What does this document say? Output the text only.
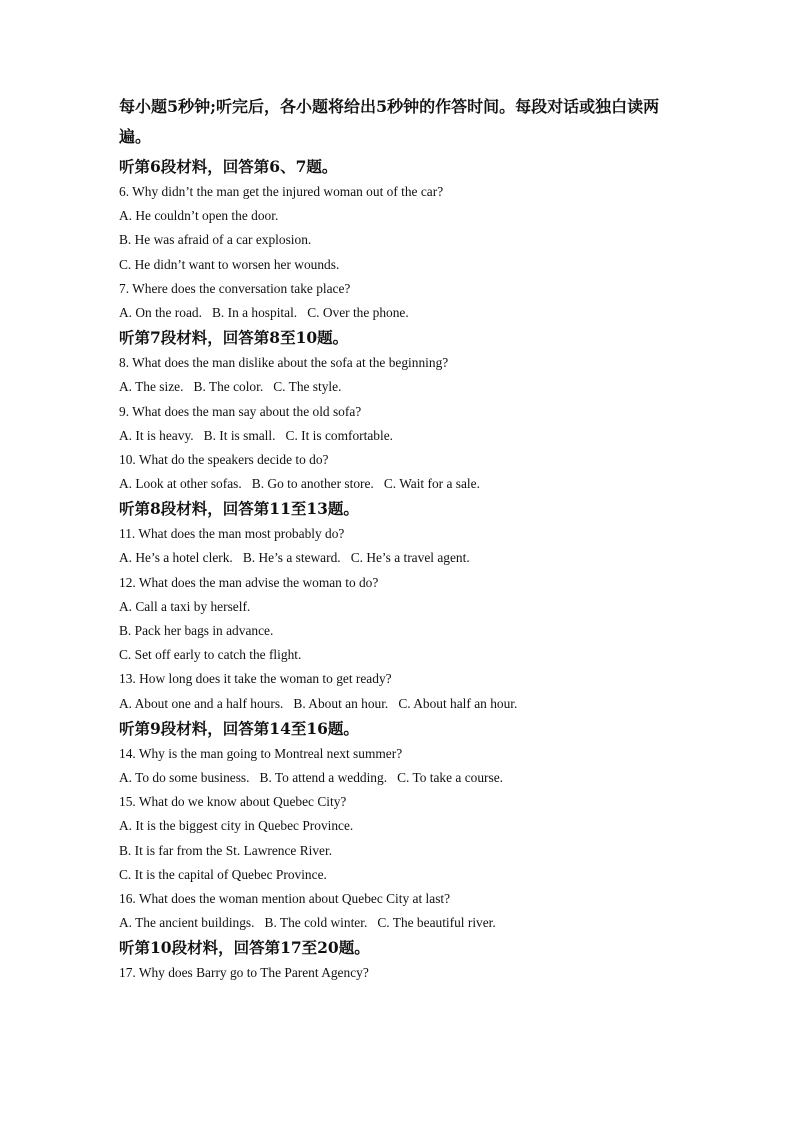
每小题5秒钟;听完后，各小题将给出5秒钟的作答时间。每段对话或独白读两遍。
听第6段材料，回答第6、7题。
6. Why didn’t the man get the injured woman out of the car?
A. He couldn’t open the door.
B. He was afraid of a car explosion.
C. He didn’t want to worsen her wounds.
7. Where does the conversation take place?
A. On the road. B. In a hospital. C. Over the phone.
听第7段材料，回答第8至10题。
8. What does the man dislike about the sofa at the beginning?
A. The size. B. The color. C. The style.
9. What does the man say about the old sofa?
A. It is heavy. B. It is small. C. It is comfortable.
10. What do the speakers decide to do?
A. Look at other sofas. B. Go to another store. C. Wait for a sale.
听第8段材料，回答第11至13题。
11. What does the man most probably do?
A. He’s a hotel clerk. B. He’s a steward. C. He’s a travel agent.
12. What does the man advise the woman to do?
A. Call a taxi by herself.
B. Pack her bags in advance.
C. Set off early to catch the flight.
13. How long does it take the woman to get ready?
A. About one and a half hours. B. About an hour. C. About half an hour.
听第9段材料，回答第14至16题。
14. Why is the man going to Montreal next summer?
A. To do some business. B. To attend a wedding. C. To take a course.
15. What do we know about Quebec City?
A. It is the biggest city in Quebec Province.
B. It is far from the St. Lawrence River.
C. It is the capital of Quebec Province.
16. What does the woman mention about Quebec City at last?
A. The ancient buildings. B. The cold winter. C. The beautiful river.
听第10段材料，回答第17至20题。
17. Why does Barry go to The Parent Agency?
